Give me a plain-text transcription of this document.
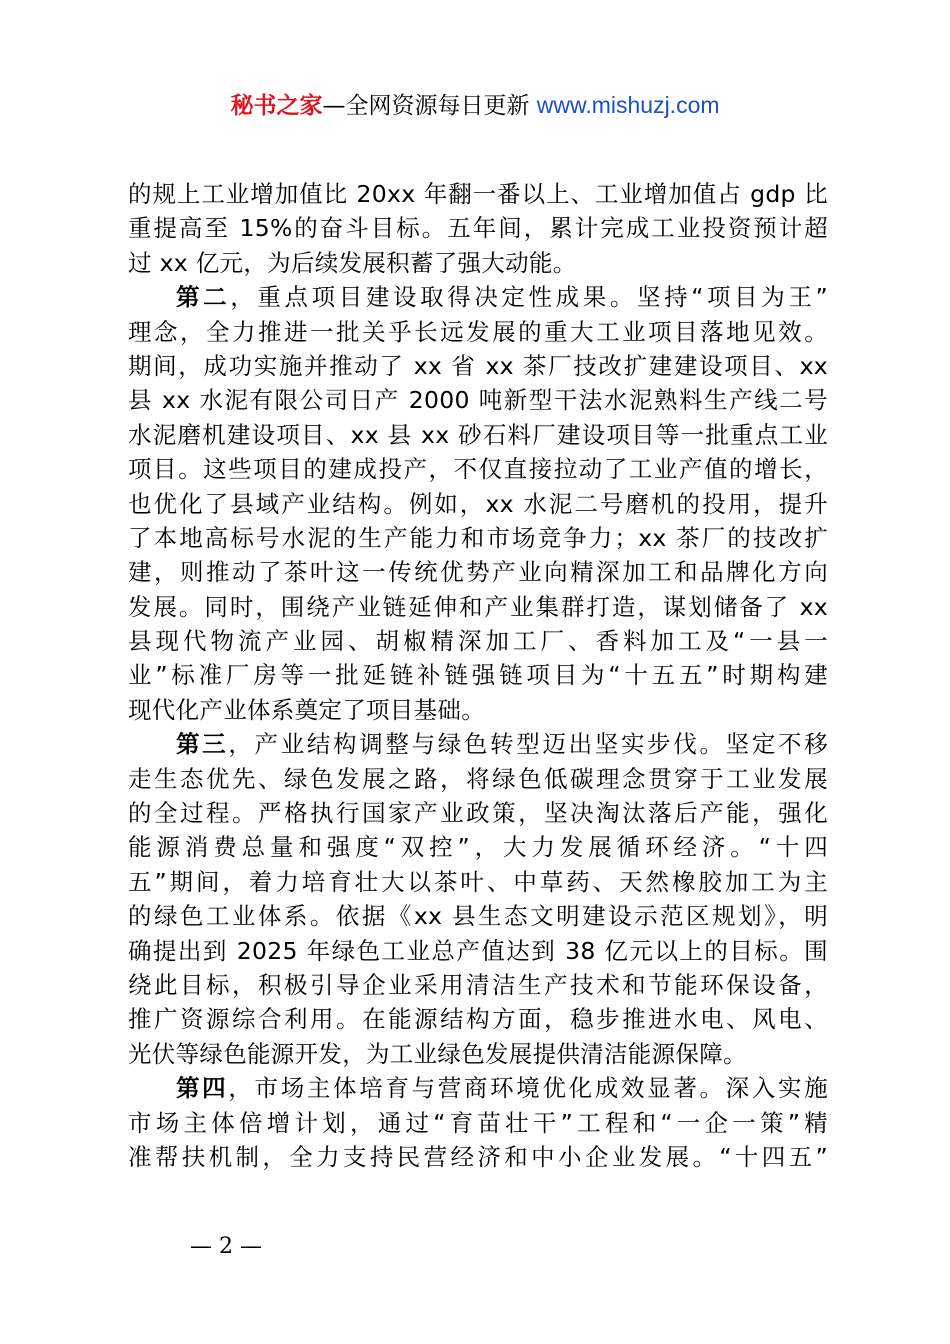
秘书之家—全网资源每日更新 www.mishuzj.com
的规上工业增加值比 20xx 年翻一番以上、工业增加值占 gdp 比
重提高至 15%的奋斗目标。五年间，累计完成工业投资预计超
过 xx 亿元，为后续发展积蓄了强大动能。
第二，重点项目建设取得决定性成果。坚持“项目为王”
理念，全力推进一批关乎长远发展的重大工业项目落地见效。
期间，成功实施并推动了 xx 省 xx 茶厂技改扩建建设项目、xx
县 xx 水泥有限公司日产 2000 吨新型干法水泥熟料生产线二号
水泥磨机建设项目、xx 县 xx 砂石料厂建设项目等一批重点工业
项目。这些项目的建成投产，不仅直接拉动了工业产值的增长，
也优化了县域产业结构。例如，xx 水泥二号磨机的投用，提升
了本地高标号水泥的生产能力和市场竞争力；xx 茶厂的技改扩
建，则推动了茶叶这一传统优势产业向精深加工和品牌化方向
发展。同时，围绕产业链延伸和产业集群打造，谋划储备了 xx
县现代物流产业园、胡椒精深加工厂、香料加工及“一县一
业”标准厂房等一批延链补链强链项目为“十五五”时期构建
现代化产业体系奠定了项目基础。
第三，产业结构调整与绿色转型迈出坚实步伐。坚定不移
走生态优先、绿色发展之路，将绿色低碳理念贯穿于工业发展
的全过程。严格执行国家产业政策，坚决淘汰落后产能，强化
能源消费总量和强度“双控”，大力发展循环经济。“十四
五”期间，着力培育壮大以茶叶、中草药、天然橡胶加工为主
的绿色工业体系。依据《xx 县生态文明建设示范区规划》，明
确提出到 2025 年绿色工业总产值达到 38 亿元以上的目标。围
绕此目标，积极引导企业采用清洁生产技术和节能环保设备，
推广资源综合利用。在能源结构方面，稳步推进水电、风电、
光伏等绿色能源开发，为工业绿色发展提供清洁能源保障。
第四，市场主体培育与营商环境优化成效显著。深入实施
市场主体倍增计划，通过“育苗壮干”工程和“一企一策”精
准帮扶机制，全力支持民营经济和中小企业发展。“十四五”
— 2 —
